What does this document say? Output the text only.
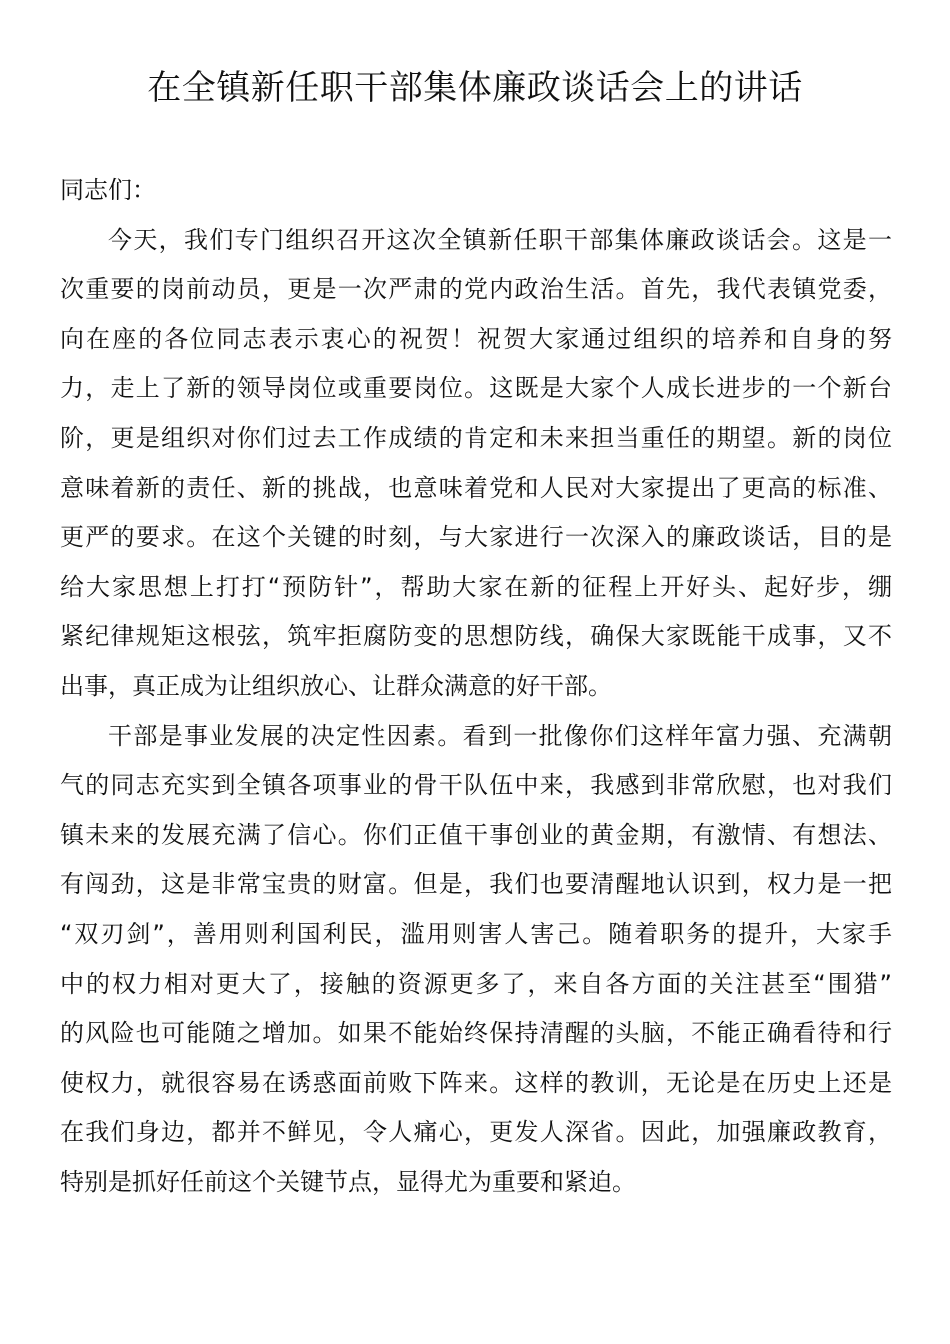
在全镇新任职干部集体廉政谈话会上的讲话

同志们：

今天，我们专门组织召开这次全镇新任职干部集体廉政谈话会。这是一
次重要的岗前动员，更是一次严肃的党内政治生活。首先，我代表镇党委，
向在座的各位同志表示衷心的祝贺！祝贺大家通过组织的培养和自身的努
力，走上了新的领导岗位或重要岗位。这既是大家个人成长进步的一个新台
阶，更是组织对你们过去工作成绩的肯定和未来担当重任的期望。新的岗位
意味着新的责任、新的挑战，也意味着党和人民对大家提出了更高的标准、
更严的要求。在这个关键的时刻，与大家进行一次深入的廉政谈话，目的是
给大家思想上打打“预防针”，帮助大家在新的征程上开好头、起好步，绷
紧纪律规矩这根弦，筑牢拒腐防变的思想防线，确保大家既能干成事，又不
出事，真正成为让组织放心、让群众满意的好干部。
干部是事业发展的决定性因素。看到一批像你们这样年富力强、充满朝
气的同志充实到全镇各项事业的骨干队伍中来，我感到非常欣慰，也对我们
镇未来的发展充满了信心。你们正值干事创业的黄金期，有激情、有想法、
有闯劲，这是非常宝贵的财富。但是，我们也要清醒地认识到，权力是一把
“双刃剑”，善用则利国利民，滥用则害人害己。随着职务的提升，大家手
中的权力相对更大了，接触的资源更多了，来自各方面的关注甚至“围猎”
的风险也可能随之增加。如果不能始终保持清醒的头脑，不能正确看待和行
使权力，就很容易在诱惑面前败下阵来。这样的教训，无论是在历史上还是
在我们身边，都并不鲜见，令人痛心，更发人深省。因此，加强廉政教育，
特别是抓好任前这个关键节点，显得尤为重要和紧迫。
